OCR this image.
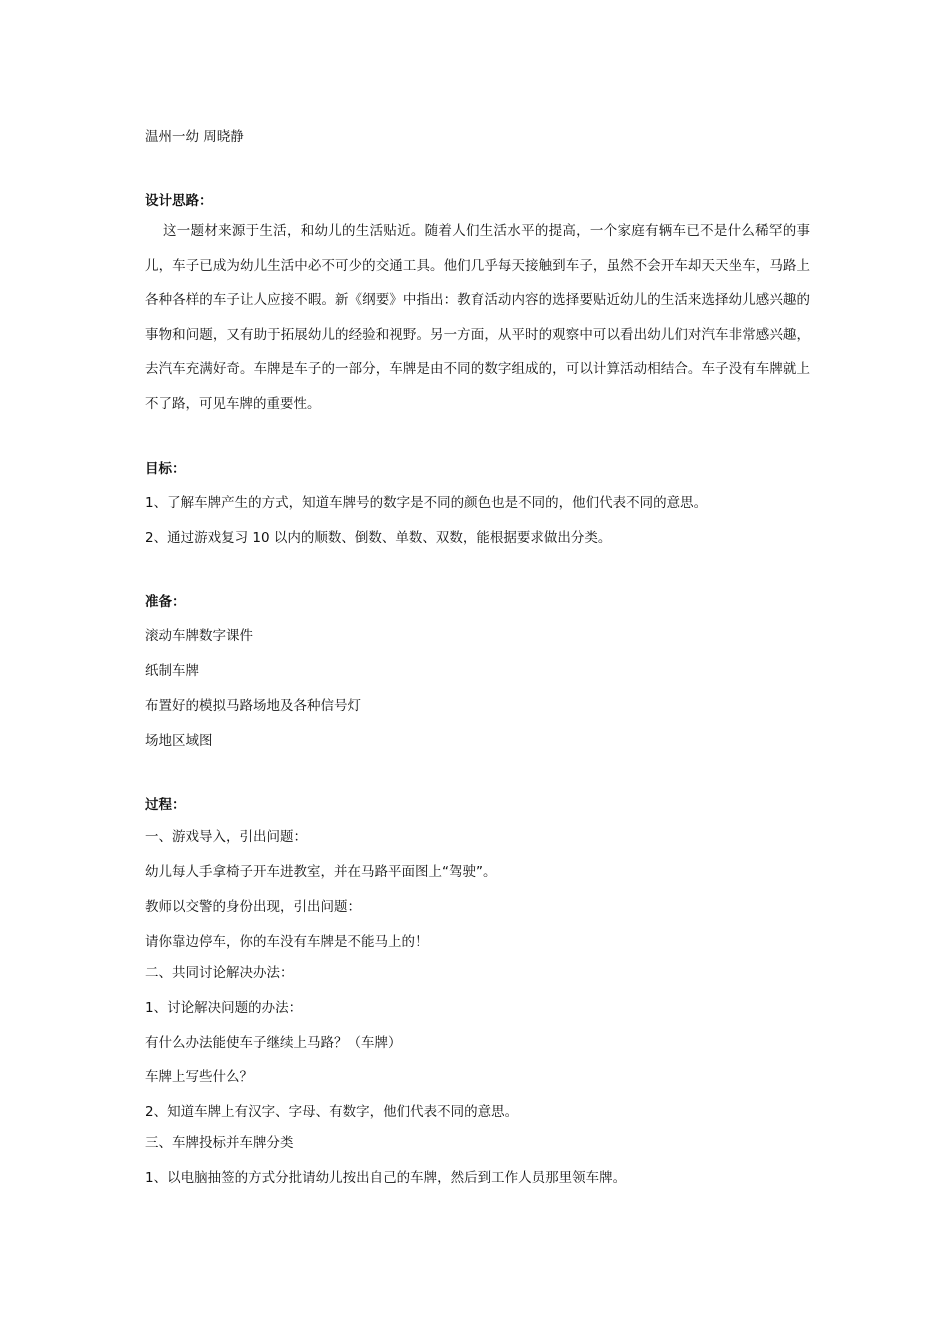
温州一幼 周晓静
设计思路：
这一题材来源于生活，和幼儿的生活贴近。随着人们生活水平的提高，一个家庭有辆车已不是什么稀罕的事儿，车子已成为幼儿生活中必不可少的交通工具。他们几乎每天接触到车子，虽然不会开车却天天坐车，马路上各种各样的车子让人应接不暇。新《纲要》中指出：教育活动内容的选择要贴近幼儿的生活来选择幼儿感兴趣的事物和问题，又有助于拓展幼儿的经验和视野。另一方面，从平时的观察中可以看出幼儿们对汽车非常感兴趣，去汽车充满好奇。车牌是车子的一部分，车牌是由不同的数字组成的，可以计算活动相结合。车子没有车牌就上不了路，可见车牌的重要性。
目标：
1、了解车牌产生的方式，知道车牌号的数字是不同的颜色也是不同的，他们代表不同的意思。
2、通过游戏复习 10 以内的顺数、倒数、单数、双数，能根据要求做出分类。
准备：
滚动车牌数字课件
纸制车牌
布置好的模拟马路场地及各种信号灯
场地区域图
过程：
一、游戏导入，引出问题：
幼儿每人手拿椅子开车进教室，并在马路平面图上“驾驶”。
教师以交警的身份出现，引出问题：
请你靠边停车，你的车没有车牌是不能马上的！
二、共同讨论解决办法：
1、讨论解决问题的办法：
有什么办法能使车子继续上马路？（车牌）
车牌上写些什么？
2、知道车牌上有汉字、字母、有数字，他们代表不同的意思。
三、车牌投标并车牌分类
1、以电脑抽签的方式分批请幼儿按出自己的车牌，然后到工作人员那里领车牌。
